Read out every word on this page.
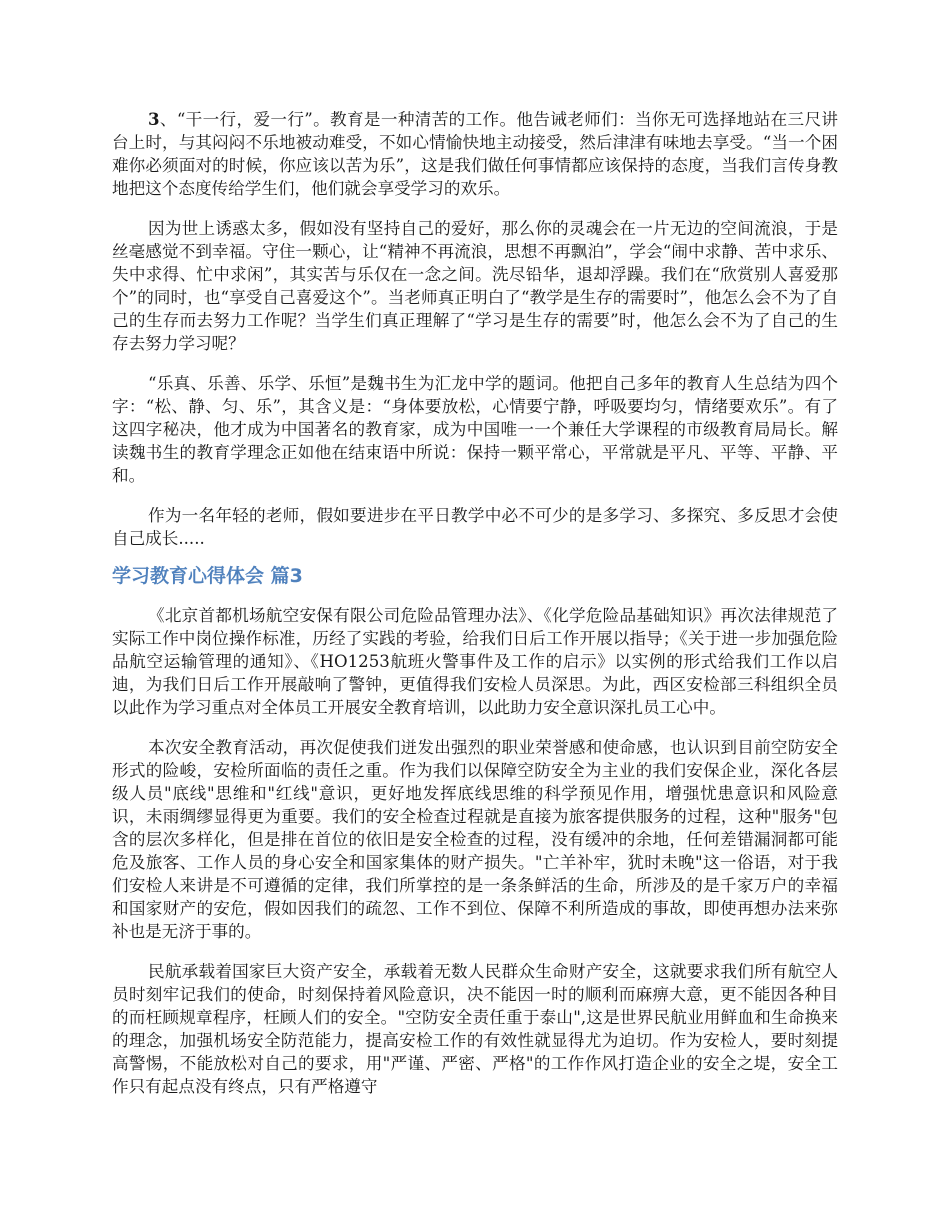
3、“干一行，爱一行”。教育是一种清苦的工作。他告诫老师们：当你无可选择地站在三尺讲台上时，与其闷闷不乐地被动难受，不如心情愉快地主动接受，然后津津有味地去享受。“当一个困难你必须面对的时候，你应该以苦为乐”，这是我们做任何事情都应该保持的态度，当我们言传身教地把这个态度传给学生们，他们就会享受学习的欢乐。

因为世上诱惑太多，假如没有坚持自己的爱好，那么你的灵魂会在一片无边的空间流浪，于是丝毫感觉不到幸福。守住一颗心，让“精神不再流浪，思想不再飘泊”，学会“闹中求静、苦中求乐、失中求得、忙中求闲”，其实苦与乐仅在一念之间。洗尽铅华，退却浮躁。我们在“欣赏别人喜爱那个”的同时，也“享受自己喜爱这个”。当老师真正明白了“教学是生存的需要时”，他怎么会不为了自己的生存而去努力工作呢？当学生们真正理解了“学习是生存的需要”时，他怎么会不为了自己的生存去努力学习呢？

“乐真、乐善、乐学、乐恒”是魏书生为汇龙中学的题词。他把自己多年的教育人生总结为四个字：“松、静、匀、乐”，其含义是：“身体要放松，心情要宁静，呼吸要均匀，情绪要欢乐”。有了这四字秘决，他才成为中国著名的教育家，成为中国唯一一个兼任大学课程的市级教育局局长。解读魏书生的教育学理念正如他在结束语中所说：保持一颗平常心，平常就是平凡、平等、平静、平和。

作为一名年轻的老师，假如要进步在平日教学中必不可少的是多学习、多探究、多反思才会使自己成长.....

学习教育心得体会 篇3

《北京首都机场航空安保有限公司危险品管理办法》、《化学危险品基础知识》再次法律规范了实际工作中岗位操作标准，历经了实践的考验，给我们日后工作开展以指导；《关于进一步加强危险品航空运输管理的通知》、《HO1253航班火警事件及工作的启示》以实例的形式给我们工作以启迪，为我们日后工作开展敲响了警钟，更值得我们安检人员深思。为此，西区安检部三科组织全员以此作为学习重点对全体员工开展安全教育培训，以此助力安全意识深扎员工心中。

本次安全教育活动，再次促使我们迸发出强烈的职业荣誉感和使命感，也认识到目前空防安全形式的险峻，安检所面临的责任之重。作为我们以保障空防安全为主业的我们安保企业，深化各层级人员"底线"思维和"红线"意识，更好地发挥底线思维的科学预见作用，增强忧患意识和风险意识，未雨绸缪显得更为重要。我们的安全检查过程就是直接为旅客提供服务的过程，这种"服务"包含的层次多样化，但是排在首位的依旧是安全检查的过程，没有缓冲的余地，任何差错漏洞都可能危及旅客、工作人员的身心安全和国家集体的财产损失。"亡羊补牢，犹时未晚"这一俗语，对于我们安检人来讲是不可遵循的定律，我们所掌控的是一条条鲜活的生命，所涉及的是千家万户的幸福和国家财产的安危，假如因我们的疏忽、工作不到位、保障不利所造成的事故，即使再想办法来弥补也是无济于事的。

民航承载着国家巨大资产安全，承载着无数人民群众生命财产安全，这就要求我们所有航空人员时刻牢记我们的使命，时刻保持着风险意识，决不能因一时的顺利而麻痹大意，更不能因各种目的而枉顾规章程序，枉顾人们的安全。"空防安全责任重于泰山",这是世界民航业用鲜血和生命换来的理念，加强机场安全防范能力，提高安检工作的有效性就显得尤为迫切。作为安检人，要时刻提高警惕，不能放松对自己的要求，用"严谨、严密、严格"的工作作风打造企业的安全之堤，安全工作只有起点没有终点，只有严格遵守
